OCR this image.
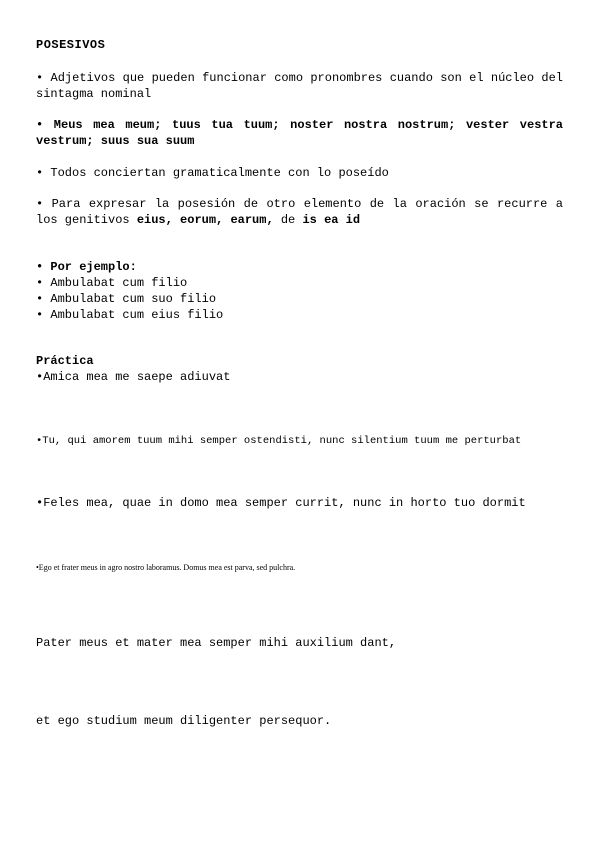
POSESIVOS

• Adjetivos que pueden funcionar como pronombres cuando son el núcleo del sintagma nominal

• Meus mea meum; tuus tua tuum; noster nostra nostrum; vester vestra vestrum; suus sua suum

• Todos conciertan gramaticalmente con lo poseído

• Para expresar la posesión de otro elemento de la oración se recurre a los genitivos eius, eorum, earum, de is ea id

• Por ejemplo:
• Ambulabat cum filio
• Ambulabat cum suo filio
• Ambulabat cum eius filio
Práctica
•Amica mea me saepe adiuvat
•Tu, qui amorem tuum mihi semper ostendisti, nunc silentium tuum me perturbat
•Feles mea, quae in domo mea semper currit, nunc in horto tuo dormit
•Ego et frater meus in agro nostro laboramus. Domus mea est parva, sed pulchra.
Pater meus et mater mea semper mihi auxilium dant,
et ego studium meum diligenter persequor.
